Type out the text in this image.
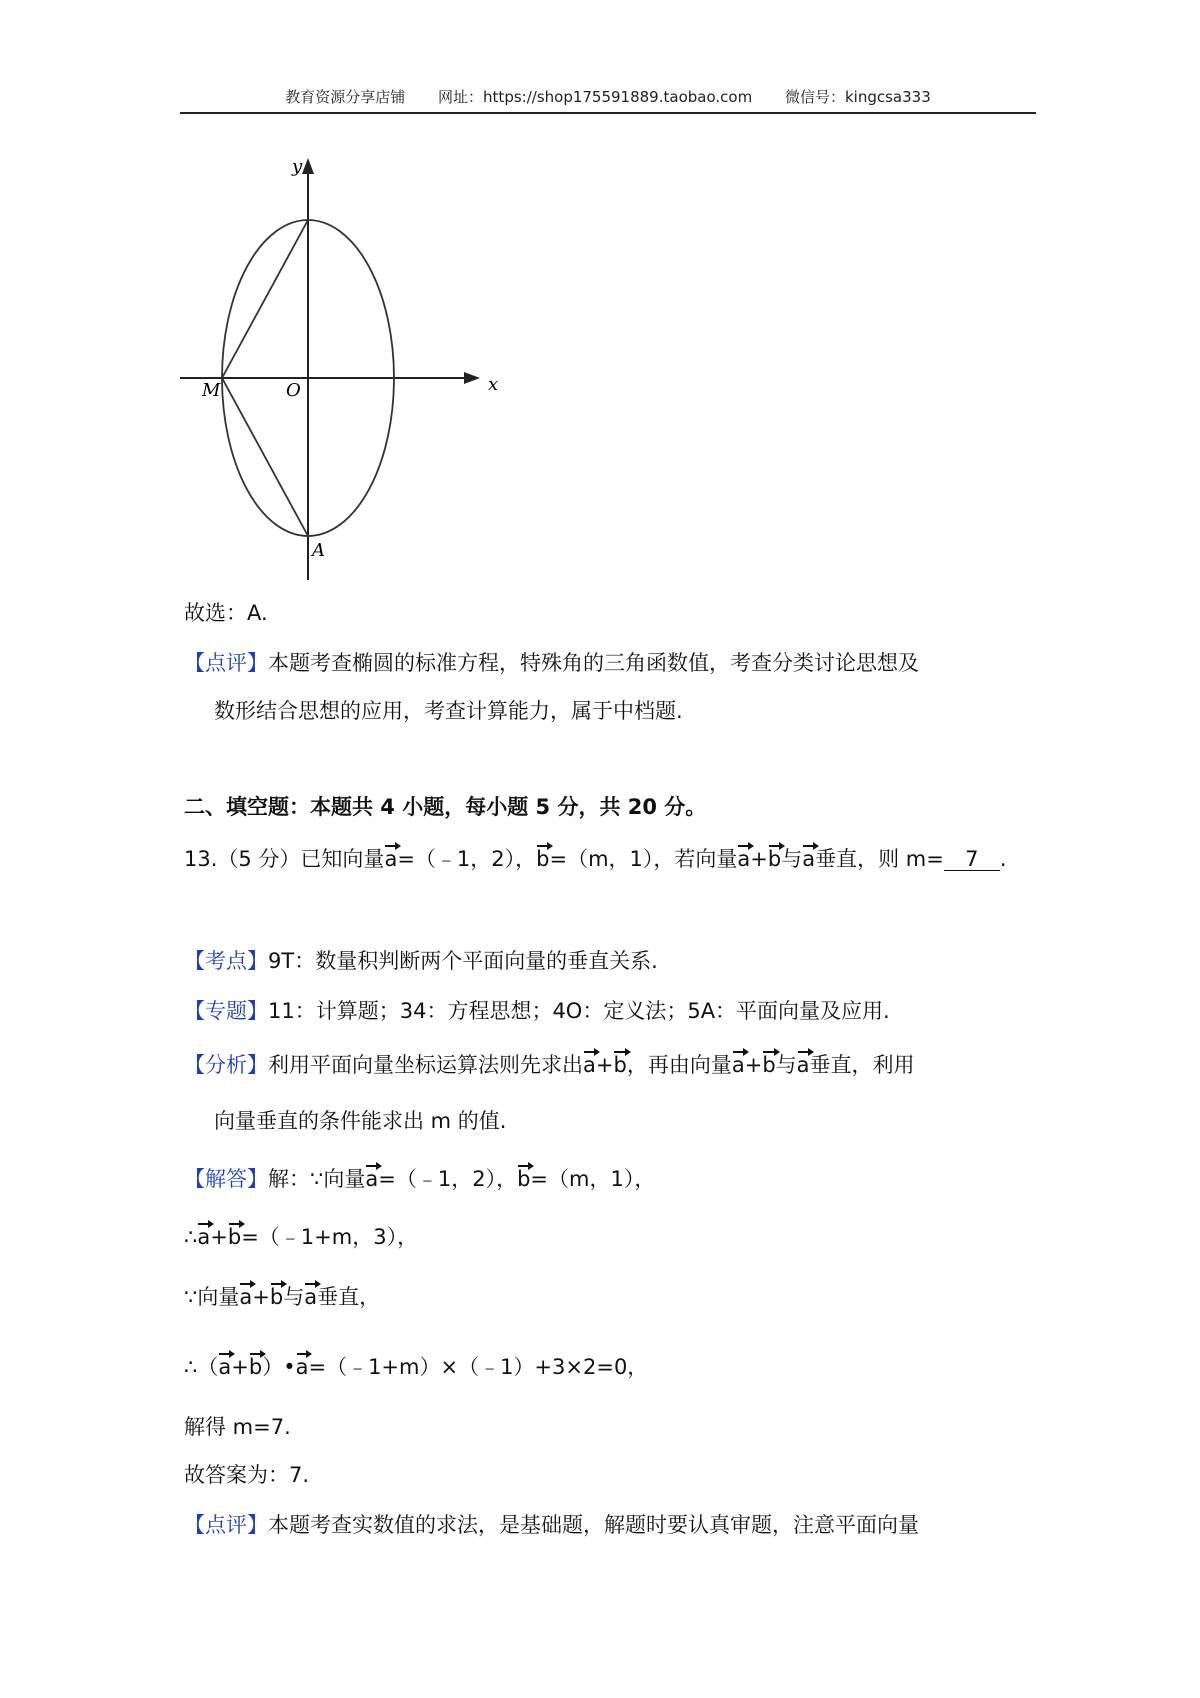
教育资源分享店铺 网址：https://shop175591889.taobao.com 微信号：kingcsa333
x
y
O
M
A
故选：A.
【点评】本题考查椭圆的标准方程，特殊角的三角函数值，考查分类讨论思想及
数形结合思想的应用，考查计算能力，属于中档题.
二、填空题：本题共 4 小题，每小题 5 分，共 20 分。
13.（5 分）已知向量a=（﹣1，2），b=（m，1），若向量a+b与a垂直，则 m= 7 .
【考点】9T：数量积判断两个平面向量的垂直关系.
【专题】11：计算题；34：方程思想；4O：定义法；5A：平面向量及应用.
【分析】利用平面向量坐标运算法则先求出a+b，再由向量a+b与a垂直，利用
向量垂直的条件能求出 m 的值.
【解答】解：∵向量a=（﹣1，2），b=（m，1），
∴a+b=（﹣1+m，3），
∵向量a+b与a垂直，
∴（a+b）•a=（﹣1+m）×（﹣1）+3×2=0，
解得 m=7.
故答案为：7.
【点评】本题考查实数值的求法，是基础题，解题时要认真审题，注意平面向量
